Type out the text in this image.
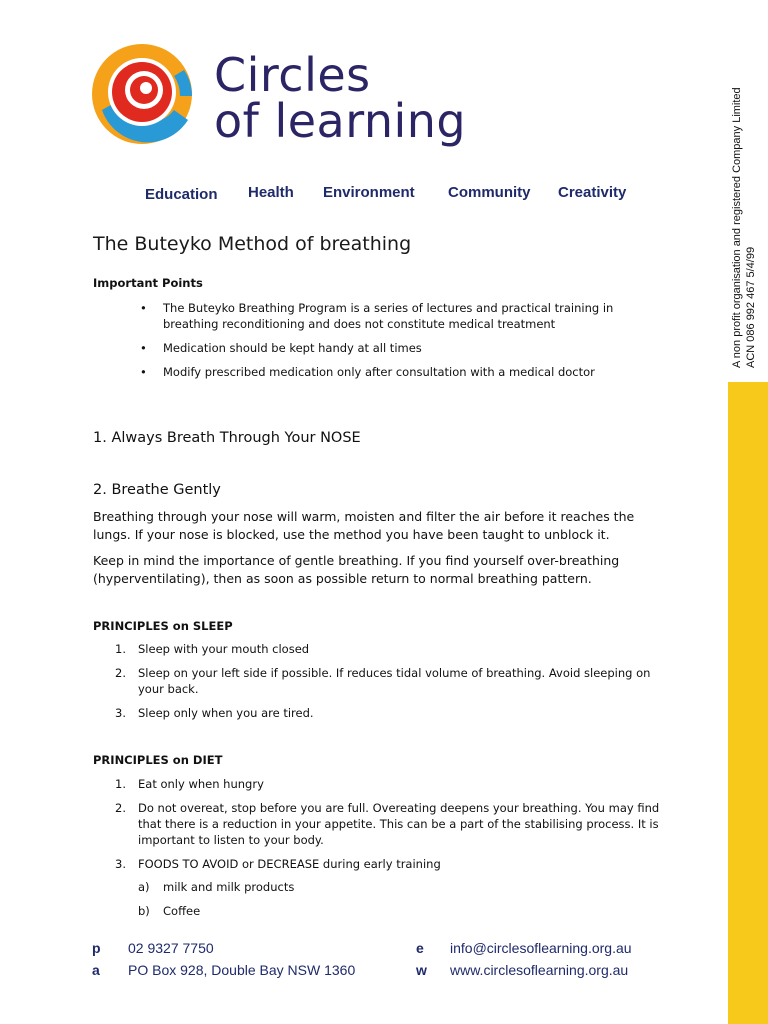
Circles
of learning
Education Health Environment Community Creativity	A non profit organisation and registered Company Limited ACN 086 992 467 5/4/99
The Buteyko Method of breathing
Important Points
• The Buteyko Breathing Program is a series of lectures and practical training in breathing reconditioning and does not constitute medical treatment
• Medication should be kept handy at all times
• Modify prescribed medication only after consultation with a medical doctor
1. Always Breath Through Your NOSE
2. Breathe Gently
Breathing through your nose will warm, moisten and filter the air before it reaches the lungs. If your nose is blocked, use the method you have been taught to unblock it.
Keep in mind the importance of gentle breathing. If you find yourself over-breathing (hyperventilating), then as soon as possible return to normal breathing pattern.
PRINCIPLES on SLEEP
1. Sleep with your mouth closed
2. Sleep on your left side if possible. If reduces tidal volume of breathing. Avoid sleeping on your back.
3. Sleep only when you are tired.
PRINCIPLES on DIET
1. Eat only when hungry
2. Do not overeat, stop before you are full. Overeating deepens your breathing. You may find that there is a reduction in your appetite. This can be a part of the stabilising process. It is important to listen to your body.
3. FOODS TO AVOID or DECREASE during early training
a) milk and milk products
b) Coffee
p 02 9327 7750
a PO Box 928, Double Bay NSW 1360
e info@circlesoflearning.org.au
w www.circlesoflearning.org.au
